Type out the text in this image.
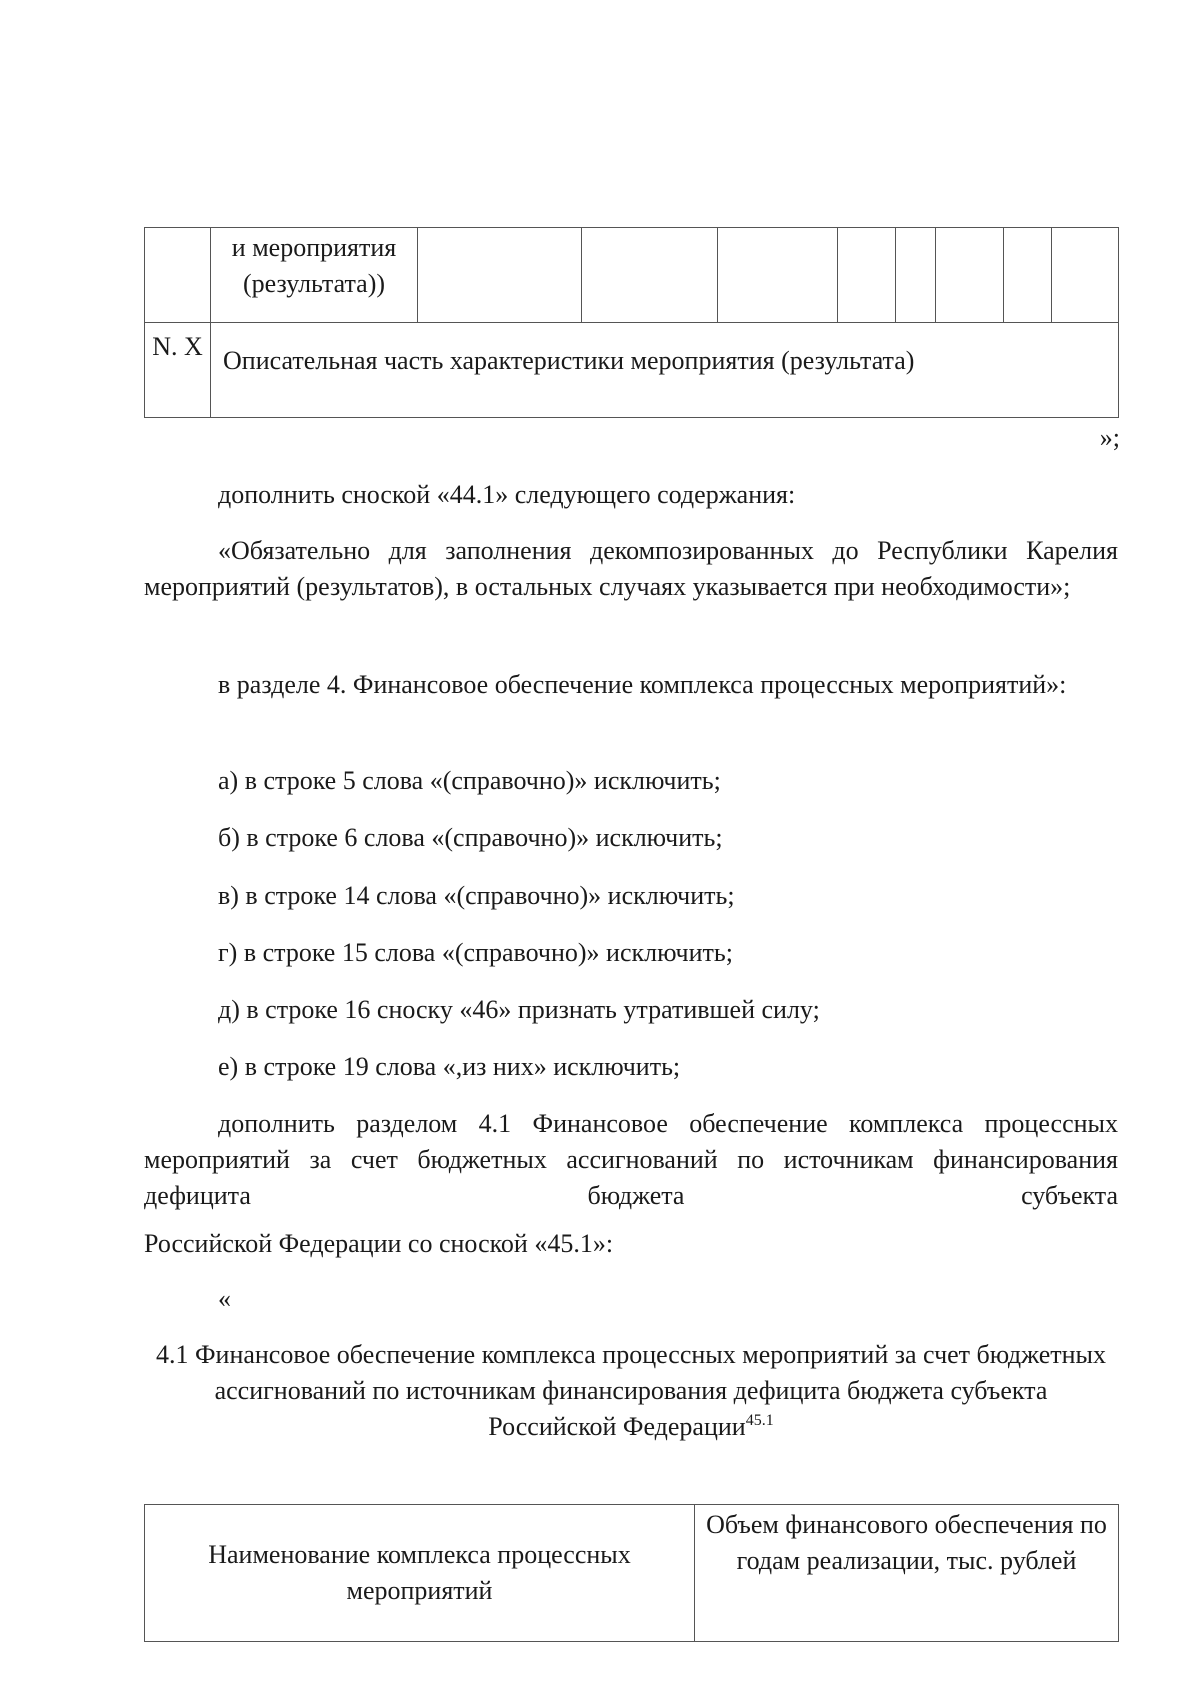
	и мероприятия (результата))								

N. X	Описательная часть характеристики мероприятия (результата)								
»;
дополнить сноской «44.1» следующего содержания:
«Обязательно для заполнения декомпозированных до Республики Карелия мероприятий (результатов), в остальных случаях указывается при необходимости»;
в разделе 4. Финансовое обеспечение комплекса процессных мероприятий»:
а) в строке 5 слова «(справочно)» исключить;
б) в строке 6 слова «(справочно)» исключить;
в) в строке 14 слова «(справочно)» исключить;
г) в строке 15 слова «(справочно)» исключить;
д) в строке 16 сноску «46» признать утратившей силу;
е) в строке 19 слова «,из них» исключить;
дополнить разделом 4.1 Финансовое обеспечение комплекса процессных мероприятий за счет бюджетных ассигнований по источникам финансирования дефицита бюджета субъекта
Российской Федерации со сноской «45.1»:
«
4.1 Финансовое обеспечение комплекса процессных мероприятий за счет бюджетных ассигнований по источникам финансирования дефицита бюджета субъекта
Российской Федерации$^{45.1}$
Наименование комплекса процессных мероприятий	Объем финансового обеспечения по годам реализации, тыс. рублей
